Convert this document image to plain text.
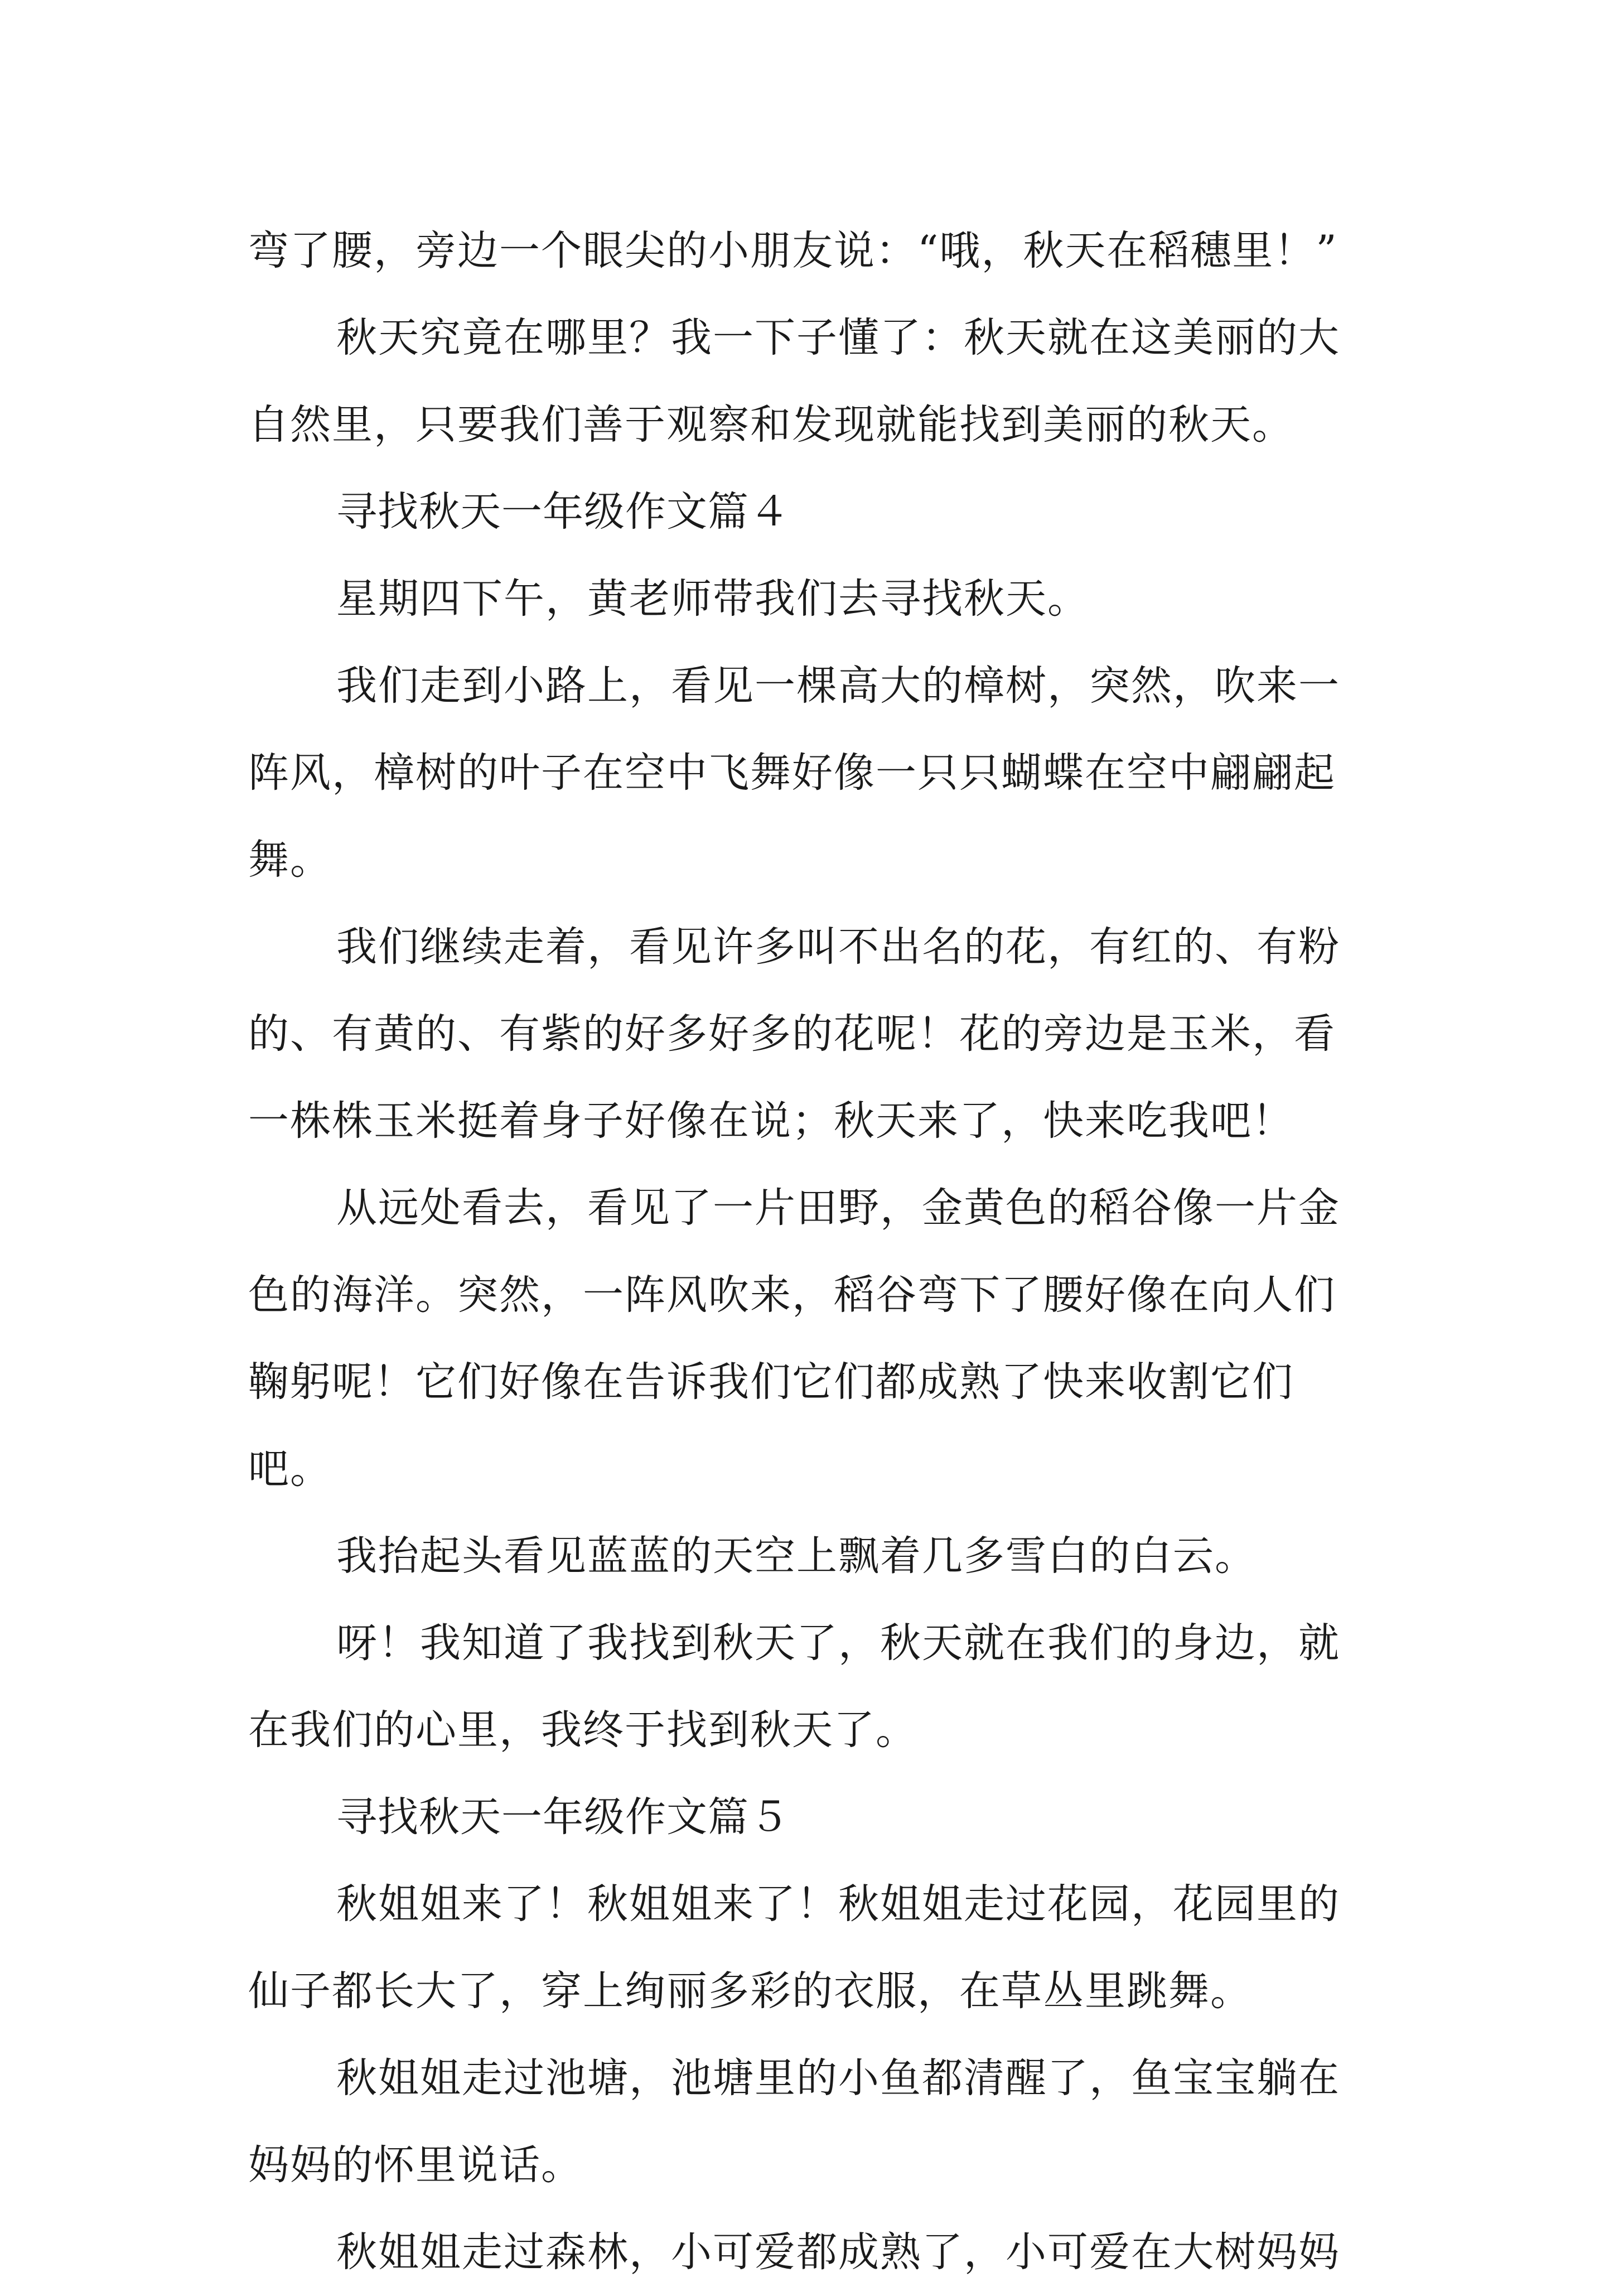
弯了腰，旁边一个眼尖的小朋友说：“哦，秋天在稻穗里！”
秋天究竟在哪里？我一下子懂了：秋天就在这美丽的大
自然里，只要我们善于观察和发现就能找到美丽的秋天。
寻找秋天一年级作文篇４
星期四下午，黄老师带我们去寻找秋天。
我们走到小路上，看见一棵高大的樟树，突然，吹来一
阵风，樟树的叶子在空中飞舞好像一只只蝴蝶在空中翩翩起
舞。
我们继续走着，看见许多叫不出名的花，有红的、有粉
的、有黄的、有紫的好多好多的花呢！花的旁边是玉米，看
一株株玉米挺着身子好像在说；秋天来了，快来吃我吧！
从远处看去，看见了一片田野，金黄色的稻谷像一片金
色的海洋。突然，一阵风吹来，稻谷弯下了腰好像在向人们
鞠躬呢！它们好像在告诉我们它们都成熟了快来收割它们
吧。
我抬起头看见蓝蓝的天空上飘着几多雪白的白云。
呀！我知道了我找到秋天了，秋天就在我们的身边，就
在我们的心里，我终于找到秋天了。
寻找秋天一年级作文篇５
秋姐姐来了！秋姐姐来了！秋姐姐走过花园，花园里的
仙子都长大了，穿上绚丽多彩的衣服，在草丛里跳舞。
秋姐姐走过池塘，池塘里的小鱼都清醒了，鱼宝宝躺在
妈妈的怀里说话。
秋姐姐走过森林，小可爱都成熟了，小可爱在大树妈妈
